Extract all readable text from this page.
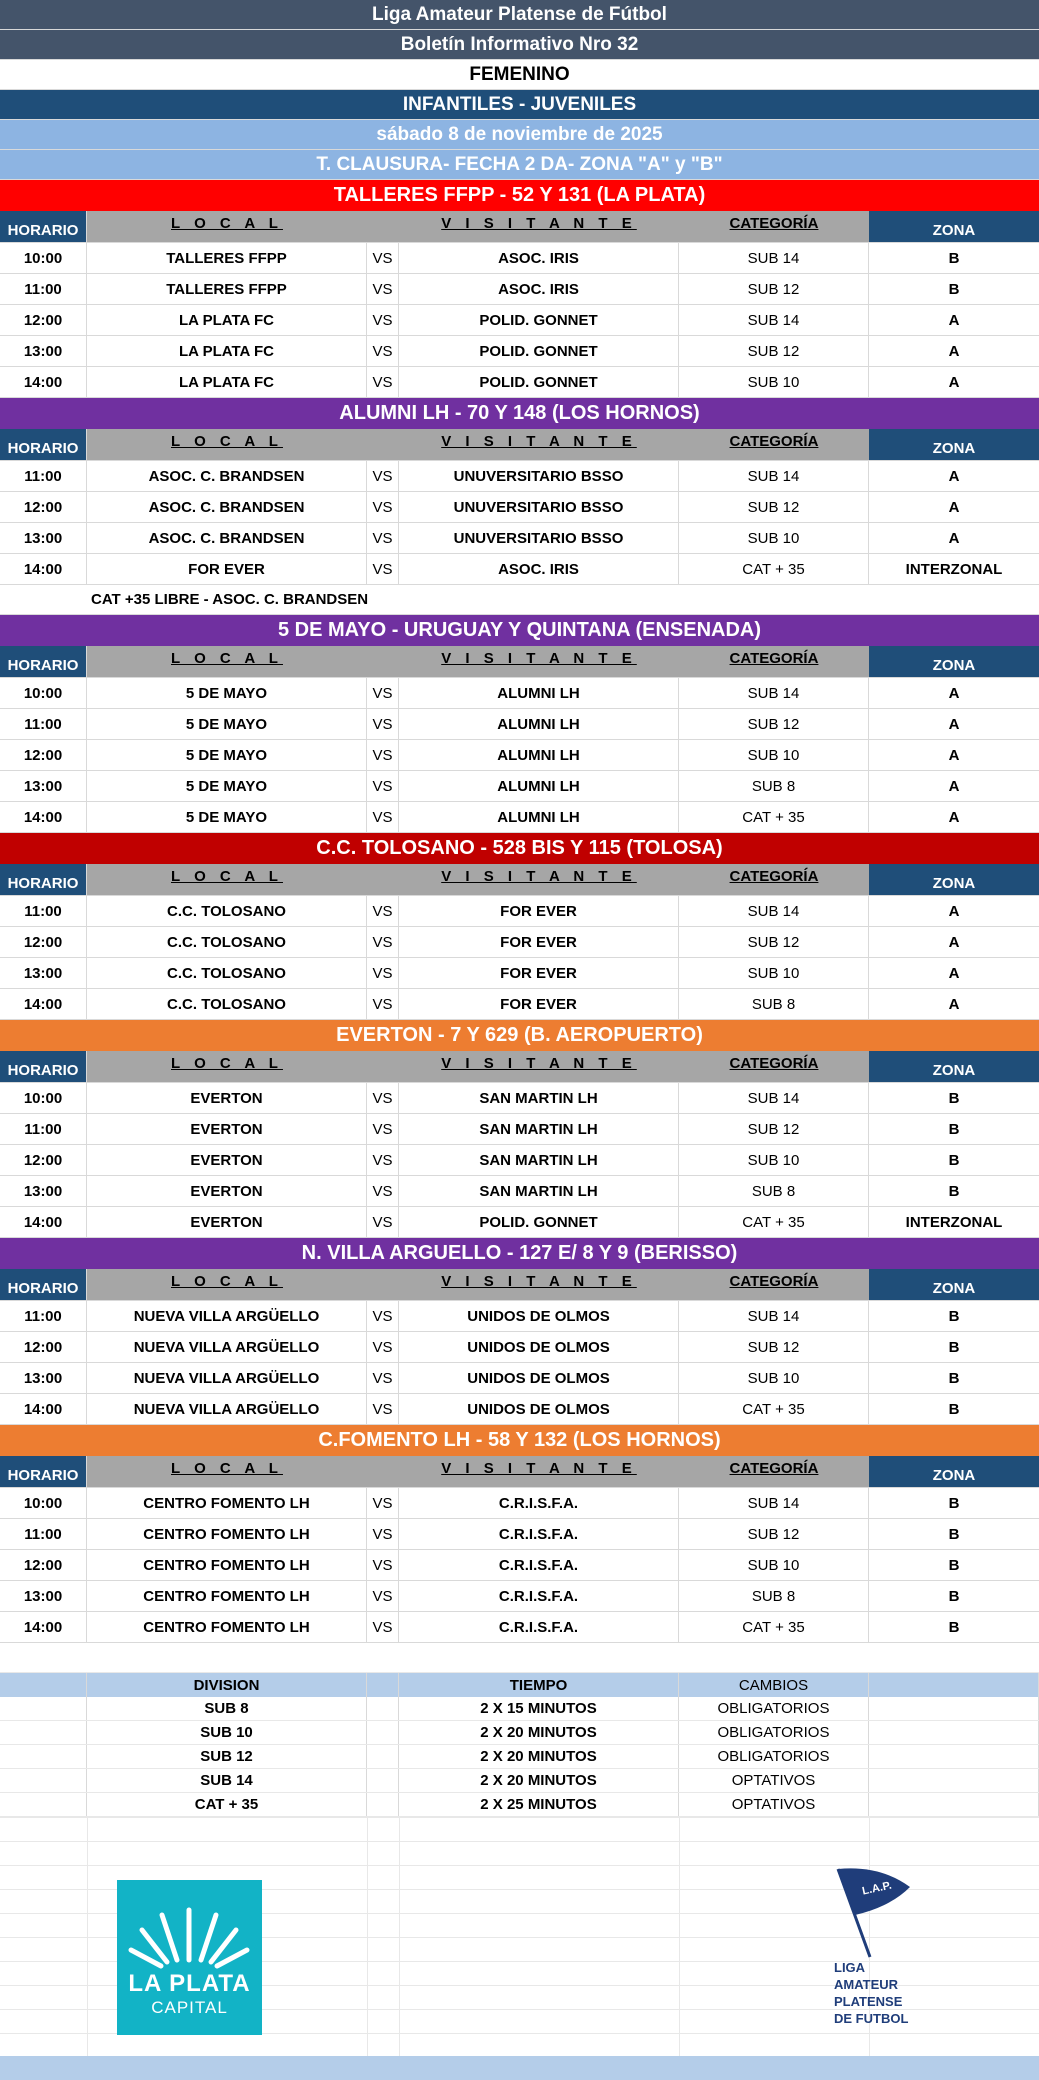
Liga Amateur Platense de Fútbol
Boletín Informativo Nro 32
FEMENINO
INFANTILES - JUVENILES
sábado 8 de noviembre de 2025
T. CLAUSURA- FECHA 2 DA- ZONA "A" y "B"
TALLERES FFPP - 52 Y 131 (LA PLATA)
HORARIO	L O C A L	V I S I T A N T E	CATEGORÍA	ZONA
10:00	TALLERES FFPP	VS	ASOC. IRIS	SUB 14	B
11:00	TALLERES FFPP	VS	ASOC. IRIS	SUB 12	B
12:00	LA PLATA FC	VS	POLID. GONNET	SUB 14	A
13:00	LA PLATA FC	VS	POLID. GONNET	SUB 12	A
14:00	LA PLATA FC	VS	POLID. GONNET	SUB 10	A
ALUMNI LH - 70 Y 148 (LOS HORNOS)
HORARIO	L O C A L	V I S I T A N T E	CATEGORÍA	ZONA
11:00	ASOC. C. BRANDSEN	VS	UNUVERSITARIO BSSO	SUB 14	A
12:00	ASOC. C. BRANDSEN	VS	UNUVERSITARIO BSSO	SUB 12	A
13:00	ASOC. C. BRANDSEN	VS	UNUVERSITARIO BSSO	SUB 10	A
14:00	FOR EVER	VS	ASOC. IRIS	CAT + 35	INTERZONAL
CAT +35 LIBRE - ASOC. C. BRANDSEN
5 DE MAYO - URUGUAY Y QUINTANA (ENSENADA)
HORARIO	L O C A L	V I S I T A N T E	CATEGORÍA	ZONA
10:00	5 DE MAYO	VS	ALUMNI LH	SUB 14	A
11:00	5 DE MAYO	VS	ALUMNI LH	SUB 12	A
12:00	5 DE MAYO	VS	ALUMNI LH	SUB 10	A
13:00	5 DE MAYO	VS	ALUMNI LH	SUB 8	A
14:00	5 DE MAYO	VS	ALUMNI LH	CAT + 35	A
C.C. TOLOSANO - 528 BIS Y 115 (TOLOSA)
HORARIO	L O C A L	V I S I T A N T E	CATEGORÍA	ZONA
11:00	C.C. TOLOSANO	VS	FOR EVER	SUB 14	A
12:00	C.C. TOLOSANO	VS	FOR EVER	SUB 12	A
13:00	C.C. TOLOSANO	VS	FOR EVER	SUB 10	A
14:00	C.C. TOLOSANO	VS	FOR EVER	SUB 8	A
EVERTON - 7 Y 629 (B. AEROPUERTO)
HORARIO	L O C A L	V I S I T A N T E	CATEGORÍA	ZONA
10:00	EVERTON	VS	SAN MARTIN LH	SUB 14	B
11:00	EVERTON	VS	SAN MARTIN LH	SUB 12	B
12:00	EVERTON	VS	SAN MARTIN LH	SUB 10	B
13:00	EVERTON	VS	SAN MARTIN LH	SUB 8	B
14:00	EVERTON	VS	POLID. GONNET	CAT + 35	INTERZONAL
N. VILLA ARGUELLO - 127 E/ 8 Y 9 (BERISSO)
HORARIO	L O C A L	V I S I T A N T E	CATEGORÍA	ZONA
11:00	NUEVA VILLA ARGÜELLO	VS	UNIDOS DE OLMOS	SUB 14	B
12:00	NUEVA VILLA ARGÜELLO	VS	UNIDOS DE OLMOS	SUB 12	B
13:00	NUEVA VILLA ARGÜELLO	VS	UNIDOS DE OLMOS	SUB 10	B
14:00	NUEVA VILLA ARGÜELLO	VS	UNIDOS DE OLMOS	CAT + 35	B
C.FOMENTO LH - 58 Y 132 (LOS HORNOS)
HORARIO	L O C A L	V I S I T A N T E	CATEGORÍA	ZONA
10:00	CENTRO FOMENTO LH	VS	C.R.I.S.F.A.	SUB 14	B
11:00	CENTRO FOMENTO LH	VS	C.R.I.S.F.A.	SUB 12	B
12:00	CENTRO FOMENTO LH	VS	C.R.I.S.F.A.	SUB 10	B
13:00	CENTRO FOMENTO LH	VS	C.R.I.S.F.A.	SUB 8	B
14:00	CENTRO FOMENTO LH	VS	C.R.I.S.F.A.	CAT + 35	B
DIVISION	TIEMPO	CAMBIOS
SUB 8	2 X 15 MINUTOS	OBLIGATORIOS
SUB 10	2 X 20 MINUTOS	OBLIGATORIOS
SUB 12	2 X 20 MINUTOS	OBLIGATORIOS
SUB 14	2 X 20 MINUTOS	OPTATIVOS
CAT + 35	2 X 25 MINUTOS	OPTATIVOS
LA PLATA
CAPITAL
L.A.P.
LIGA
AMATEUR
PLATENSE
DE FUTBOL
